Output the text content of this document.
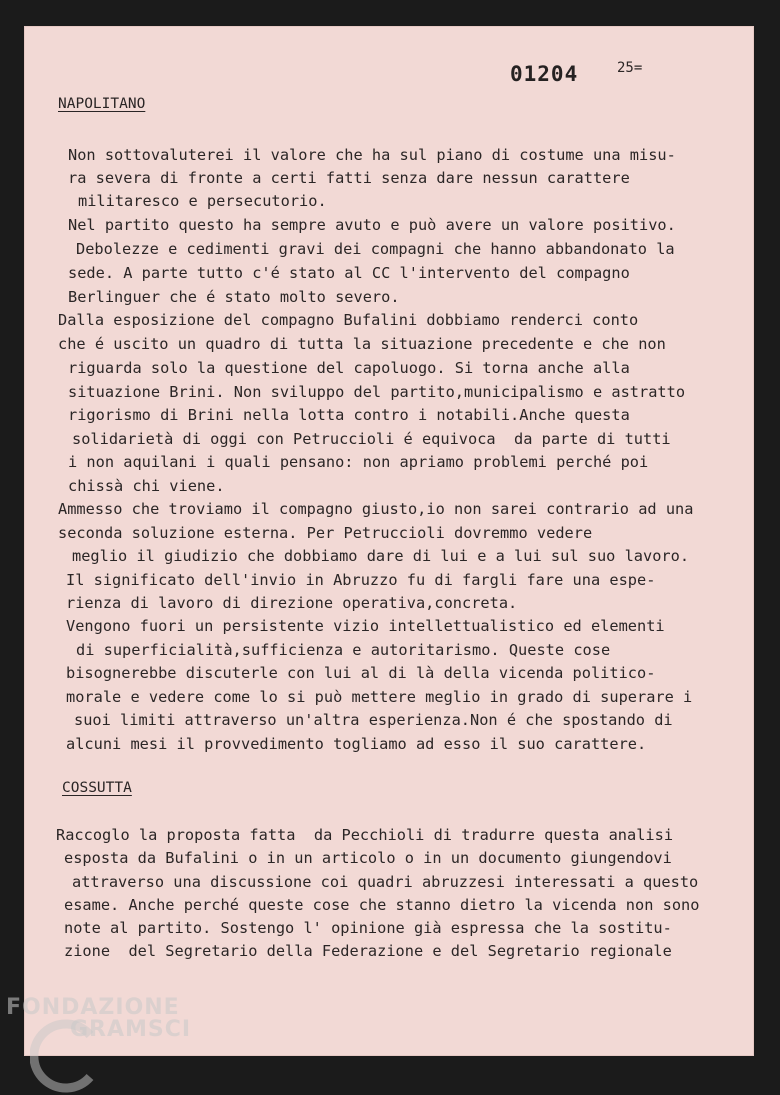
01204	25=
NAPOLITANO
Non sottovaluterei il valore che ha sul piano di costume una misu-
ra severa di fronte a certi fatti senza dare nessun carattere
militaresco e persecutorio.
Nel partito questo ha sempre avuto e può avere un valore positivo.
Debolezze e cedimenti gravi dei compagni che hanno abbandonato la
sede. A parte tutto c'é stato al CC l'intervento del compagno
Berlinguer che é stato molto severo.
Dalla esposizione del compagno Bufalini dobbiamo renderci conto
che é uscito un quadro di tutta la situazione precedente e che non
riguarda solo la questione del capoluogo. Si torna anche alla
situazione Brini. Non sviluppo del partito,municipalismo e astratto
rigorismo di Brini nella lotta contro i notabili.Anche questa
solidarietà di oggi con Petruccioli é equivoca  da parte di tutti
i non aquilani i quali pensano: non apriamo problemi perché poi
chissà chi viene.
Ammesso che troviamo il compagno giusto,io non sarei contrario ad una
seconda soluzione esterna. Per Petruccioli dovremmo vedere
meglio il giudizio che dobbiamo dare di lui e a lui sul suo lavoro.
Il significato dell'invio in Abruzzo fu di fargli fare una espe-
rienza di lavoro di direzione operativa,concreta.
Vengono fuori un persistente vizio intellettualistico ed elementi
di superficialità,sufficienza e autoritarismo. Queste cose
bisognerebbe discuterle con lui al di là della vicenda politico-
morale e vedere come lo si può mettere meglio in grado di superare i
suoi limiti attraverso un'altra esperienza.Non é che spostando di
alcuni mesi il provvedimento togliamo ad esso il suo carattere.
COSSUTTA
Raccoglo la proposta fatta  da Pecchioli di tradurre questa analisi
esposta da Bufalini o in un articolo o in un documento giungendovi
attraverso una discussione coi quadri abruzzesi interessati a questo
esame. Anche perché queste cose che stanno dietro la vicenda non sono
note al partito. Sostengo l' opinione già espressa che la sostitu-
zione  del Segretario della Federazione e del Segretario regionale
FONDAZIONE
GRAMSCI
